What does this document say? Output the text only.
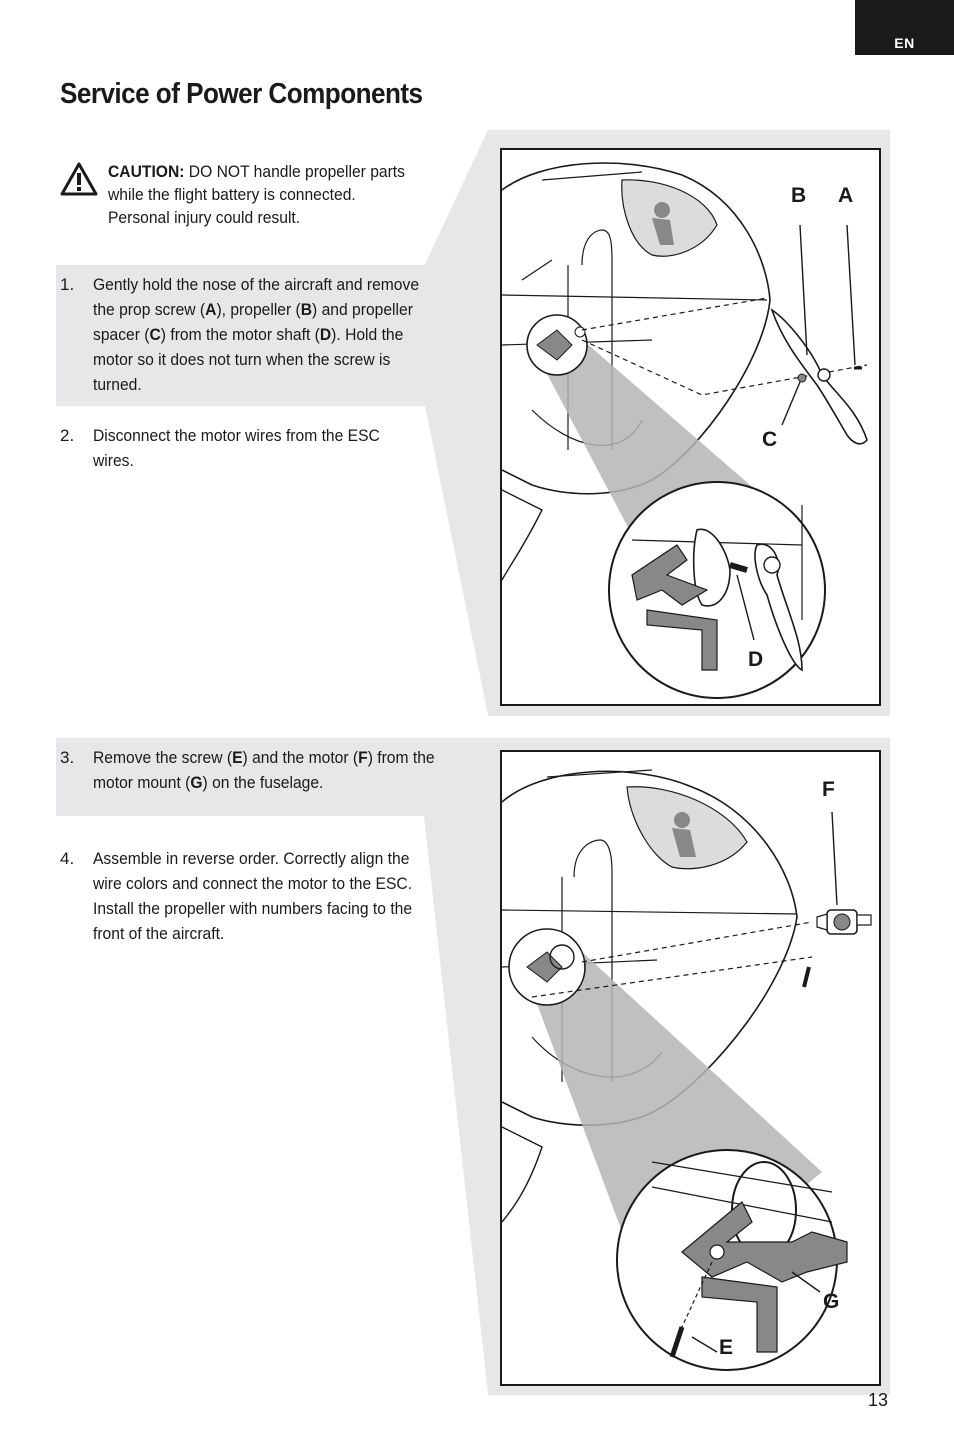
EN
Service of Power Components
B A
C
D
F
G
E
CAUTION: DO NOT handle propeller parts while the flight battery is connected. Personal injury could result.
1.	Gently hold the nose of the aircraft and remove the prop screw (A), propeller (B) and propeller spacer (C) from the motor shaft (D). Hold the motor so it does not turn when the screw is turned.
2.	Disconnect the motor wires from the ESC wires.
3.	Remove the screw (E) and the motor (F) from the motor mount (G) on the fuselage.
4.	Assemble in reverse order. Correctly align the wire colors and connect the motor to the ESC. Install the propeller with numbers facing to the front of the aircraft.
13
